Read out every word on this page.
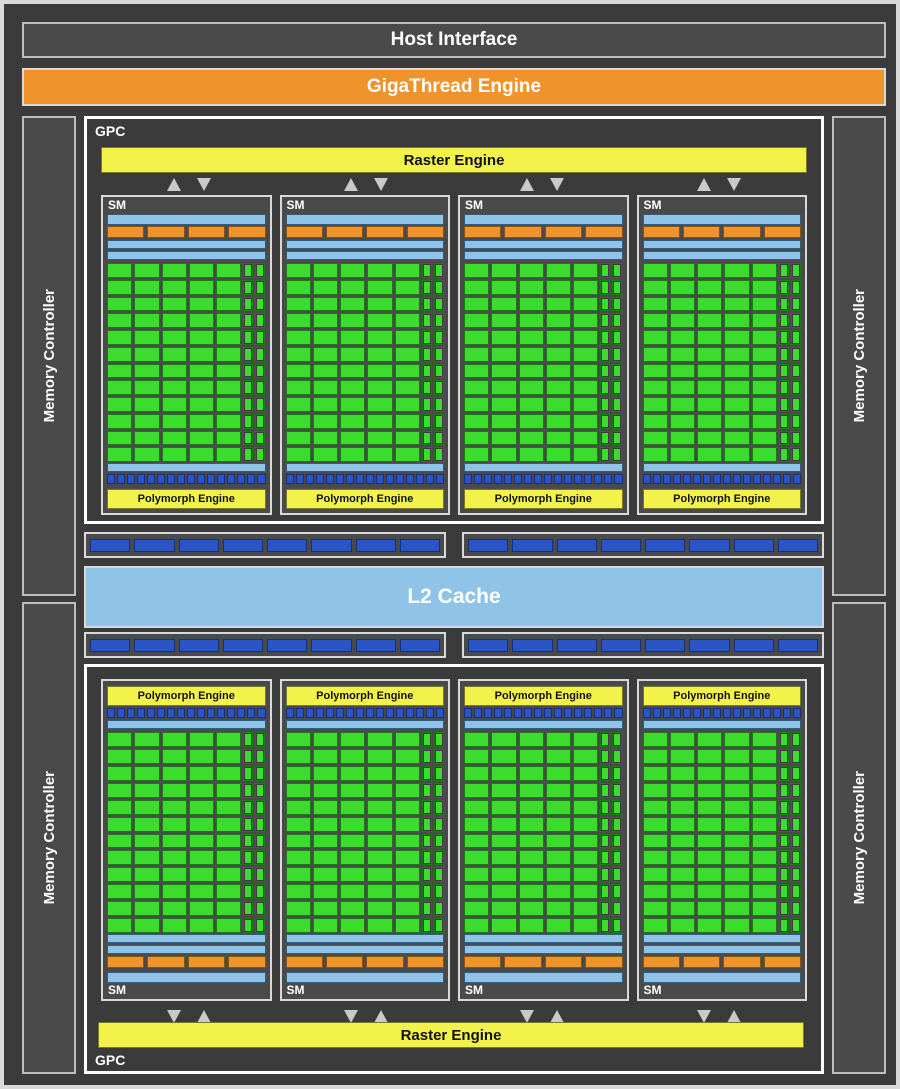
Host Interface
GigaThread Engine
Memory Controller	Memory Controller
Memory Controller	Memory Controller
GPC
Raster Engine
SM
Polymorph Engine
SM
Polymorph Engine
SM
Polymorph Engine
SM
Polymorph Engine
L2 Cache
Polymorph Engine
SM
Polymorph Engine
SM
Polymorph Engine
SM
Polymorph Engine
SM
GPC
Raster Engine
